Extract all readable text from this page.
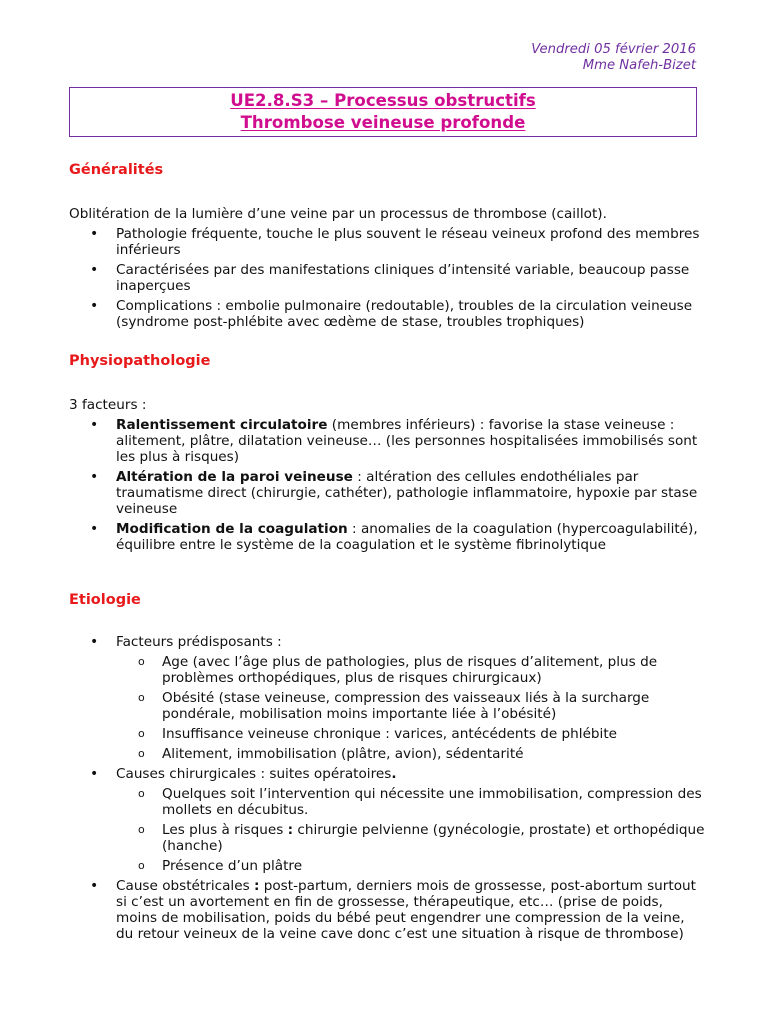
Vendredi 05 février 2016
Mme Nafeh-Bizet
UE2.8.S3 – Processus obstructifs
Thrombose veineuse profonde
Généralités
Oblitération de la lumière d’une veine par un processus de thrombose (caillot).
• Pathologie fréquente, touche le plus souvent le réseau veineux profond des membres inférieurs
• Caractérisées par des manifestations cliniques d’intensité variable, beaucoup passe inaperçues
• Complications : embolie pulmonaire (redoutable), troubles de la circulation veineuse (syndrome post-phlébite avec œdème de stase, troubles trophiques)
Physiopathologie
3 facteurs :
• Ralentissement circulatoire (membres inférieurs) : favorise la stase veineuse : alitement, plâtre, dilatation veineuse… (les personnes hospitalisées immobilisés sont les plus à risques)
• Altération de la paroi veineuse : altération des cellules endothéliales par traumatisme direct (chirurgie, cathéter), pathologie inflammatoire, hypoxie par stase veineuse
• Modification de la coagulation : anomalies de la coagulation (hypercoagulabilité), équilibre entre le système de la coagulation et le système fibrinolytique
Etiologie
• Facteurs prédisposants :
o Age (avec l’âge plus de pathologies, plus de risques d’alitement, plus de problèmes orthopédiques, plus de risques chirurgicaux)
o Obésité (stase veineuse, compression des vaisseaux liés à la surcharge pondérale, mobilisation moins importante liée à l’obésité)
o Insuffisance veineuse chronique : varices, antécédents de phlébite
o Alitement, immobilisation (plâtre, avion), sédentarité
• Causes chirurgicales : suites opératoires.
o Quelques soit l’intervention qui nécessite une immobilisation, compression des mollets en décubitus.
o Les plus à risques : chirurgie pelvienne (gynécologie, prostate) et orthopédique (hanche)
o Présence d’un plâtre
• Cause obstétricales : post-partum, derniers mois de grossesse, post-abortum surtout si c’est un avortement en fin de grossesse, thérapeutique, etc… (prise de poids, moins de mobilisation, poids du bébé peut engendrer une compression de la veine, du retour veineux de la veine cave donc c’est une situation à risque de thrombose)
